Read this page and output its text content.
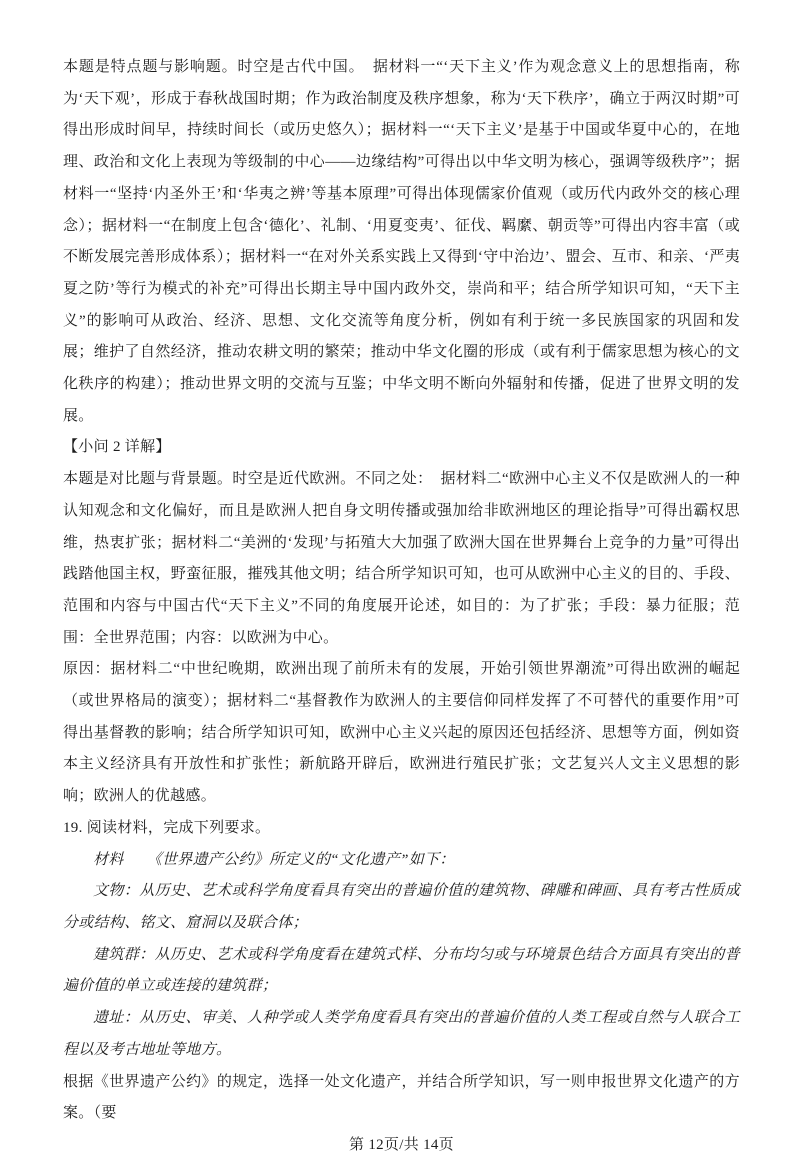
本题是特点题与影响题。时空是古代中国。　据材料一“‘天下主义’作为观念意义上的思想指南，称为‘天下观’，形成于春秋战国时期；作为政治制度及秩序想象，称为‘天下秩序’，确立于两汉时期”可得出形成时间早，持续时间长（或历史悠久）；据材料一“‘天下主义’是基于中国或华夏中心的，在地理、政治和文化上表现为等级制的中心——边缘结构”可得出以中华文明为核心，强调等级秩序”；据材料一“坚持‘内圣外王’和‘华夷之辨’等基本原理”可得出体现儒家价值观（或历代内政外交的核心理念）；据材料一“在制度上包含‘德化’、礼制、‘用夏变夷’、征伐、羁縻、朝贡等”可得出内容丰富（或不断发展完善形成体系）；据材料一“在对外关系实践上又得到‘守中治边’、盟会、互市、和亲、‘严夷夏之防’等行为模式的补充”可得出长期主导中国内政外交，崇尚和平；结合所学知识可知，“天下主义”的影响可从政治、经济、思想、文化交流等角度分析，例如有利于统一多民族国家的巩固和发展；维护了自然经济，推动农耕文明的繁荣；推动中华文化圈的形成（或有利于儒家思想为核心的文化秩序的构建）；推动世界文明的交流与互鉴；中华文明不断向外辐射和传播，促进了世界文明的发展。

【小问 2 详解】

本题是对比题与背景题。时空是近代欧洲。不同之处：　据材料二“欧洲中心主义不仅是欧洲人的一种认知观念和文化偏好，而且是欧洲人把自身文明传播或强加给非欧洲地区的理论指导”可得出霸权思维，热衷扩张；据材料二“美洲的‘发现’与拓殖大大加强了欧洲大国在世界舞台上竞争的力量”可得出践踏他国主权，野蛮征服，摧残其他文明；结合所学知识可知，也可从欧洲中心主义的目的、手段、范围和内容与中国古代“天下主义”不同的角度展开论述，如目的：为了扩张；手段：暴力征服；范围：全世界范围；内容：以欧洲为中心。

原因：据材料二“中世纪晚期，欧洲出现了前所未有的发展，开始引领世界潮流”可得出欧洲的崛起（或世界格局的演变）；据材料二“基督教作为欧洲人的主要信仰同样发挥了不可替代的重要作用”可得出基督教的影响；结合所学知识可知，欧洲中心主义兴起的原因还包括经济、思想等方面，例如资本主义经济具有开放性和扩张性；新航路开辟后，欧洲进行殖民扩张；文艺复兴人文主义思想的影响；欧洲人的优越感。

19. 阅读材料，完成下列要求。

材料　　《世界遗产公约》所定义的“文化遗产”如下：

文物：从历史、艺术或科学角度看具有突出的普遍价值的建筑物、碑雕和碑画、具有考古性质成分或结构、铭文、窟洞以及联合体；

建筑群：从历史、艺术或科学角度看在建筑式样、分布均匀或与环境景色结合方面具有突出的普遍价值的单立或连接的建筑群；

遗址：从历史、审美、人种学或人类学角度看具有突出的普遍价值的人类工程或自然与人联合工程以及考古地址等地方。

根据《世界遗产公约》的规定，选择一处文化遗产，并结合所学知识，写一则申报世界文化遗产的方案。（要

第 12页/共 14页
